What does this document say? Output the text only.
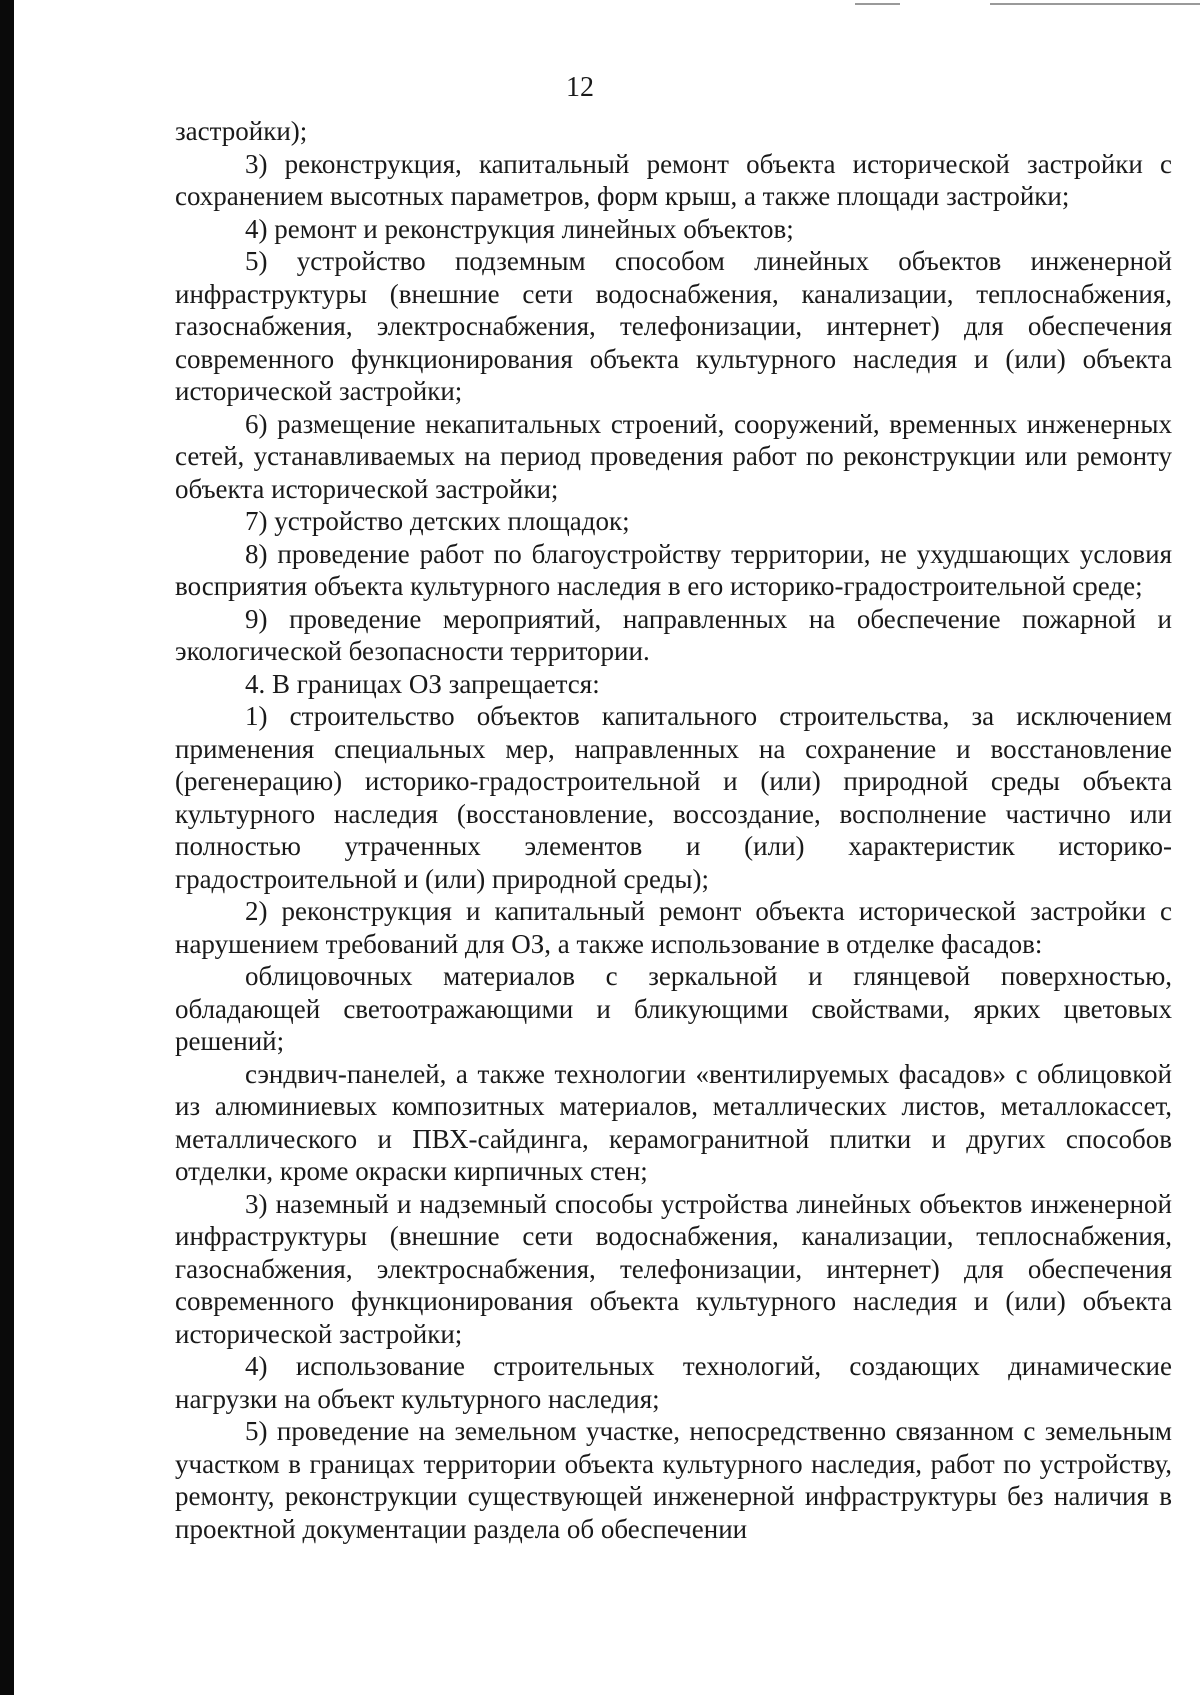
12

застройки);

3) реконструкция, капитальный ремонт объекта исторической застройки с сохранением высотных параметров, форм крыш, а также площади застройки;

4) ремонт и реконструкция линейных объектов;

5) устройство подземным способом линейных объектов инженерной инфраструктуры (внешние сети водоснабжения, канализации, теплоснабжения, газоснабжения, электроснабжения, телефонизации, интернет) для обеспечения современного функционирования объекта культурного наследия и (или) объекта исторической застройки;

6) размещение некапитальных строений, сооружений, временных инженерных сетей, устанавливаемых на период проведения работ по реконструкции или ремонту объекта исторической застройки;

7) устройство детских площадок;

8) проведение работ по благоустройству территории, не ухудшающих условия восприятия объекта культурного наследия в его историко-градостроительной среде;

9) проведение мероприятий, направленных на обеспечение пожарной и экологической безопасности территории.

4. В границах ОЗ запрещается:

1) строительство объектов капитального строительства, за исключением применения специальных мер, направленных на сохранение и восстановление (регенерацию) историко-градостроительной и (или) природной среды объекта культурного наследия (восстановление, воссоздание, восполнение частично или полностью утраченных элементов и (или) характеристик историко-градостроительной и (или) природной среды);

2) реконструкция и капитальный ремонт объекта исторической застройки с нарушением требований для ОЗ, а также использование в отделке фасадов:

облицовочных материалов с зеркальной и глянцевой поверхностью, обладающей светоотражающими и бликующими свойствами, ярких цветовых решений;

сэндвич-панелей, а также технологии «вентилируемых фасадов» с облицовкой из алюминиевых композитных материалов, металлических листов, металлокассет, металлического и ПВХ-сайдинга, керамогранитной плитки и других способов отделки, кроме окраски кирпичных стен;

3) наземный и надземный способы устройства линейных объектов инженерной инфраструктуры (внешние сети водоснабжения, канализации, теплоснабжения, газоснабжения, электроснабжения, телефонизации, интернет) для обеспечения современного функционирования объекта культурного наследия и (или) объекта исторической застройки;

4) использование строительных технологий, создающих динамические нагрузки на объект культурного наследия;

5) проведение на земельном участке, непосредственно связанном с земельным участком в границах территории объекта культурного наследия, работ по устройству, ремонту, реконструкции существующей инженерной инфраструктуры без наличия в проектной документации раздела об обеспечении
